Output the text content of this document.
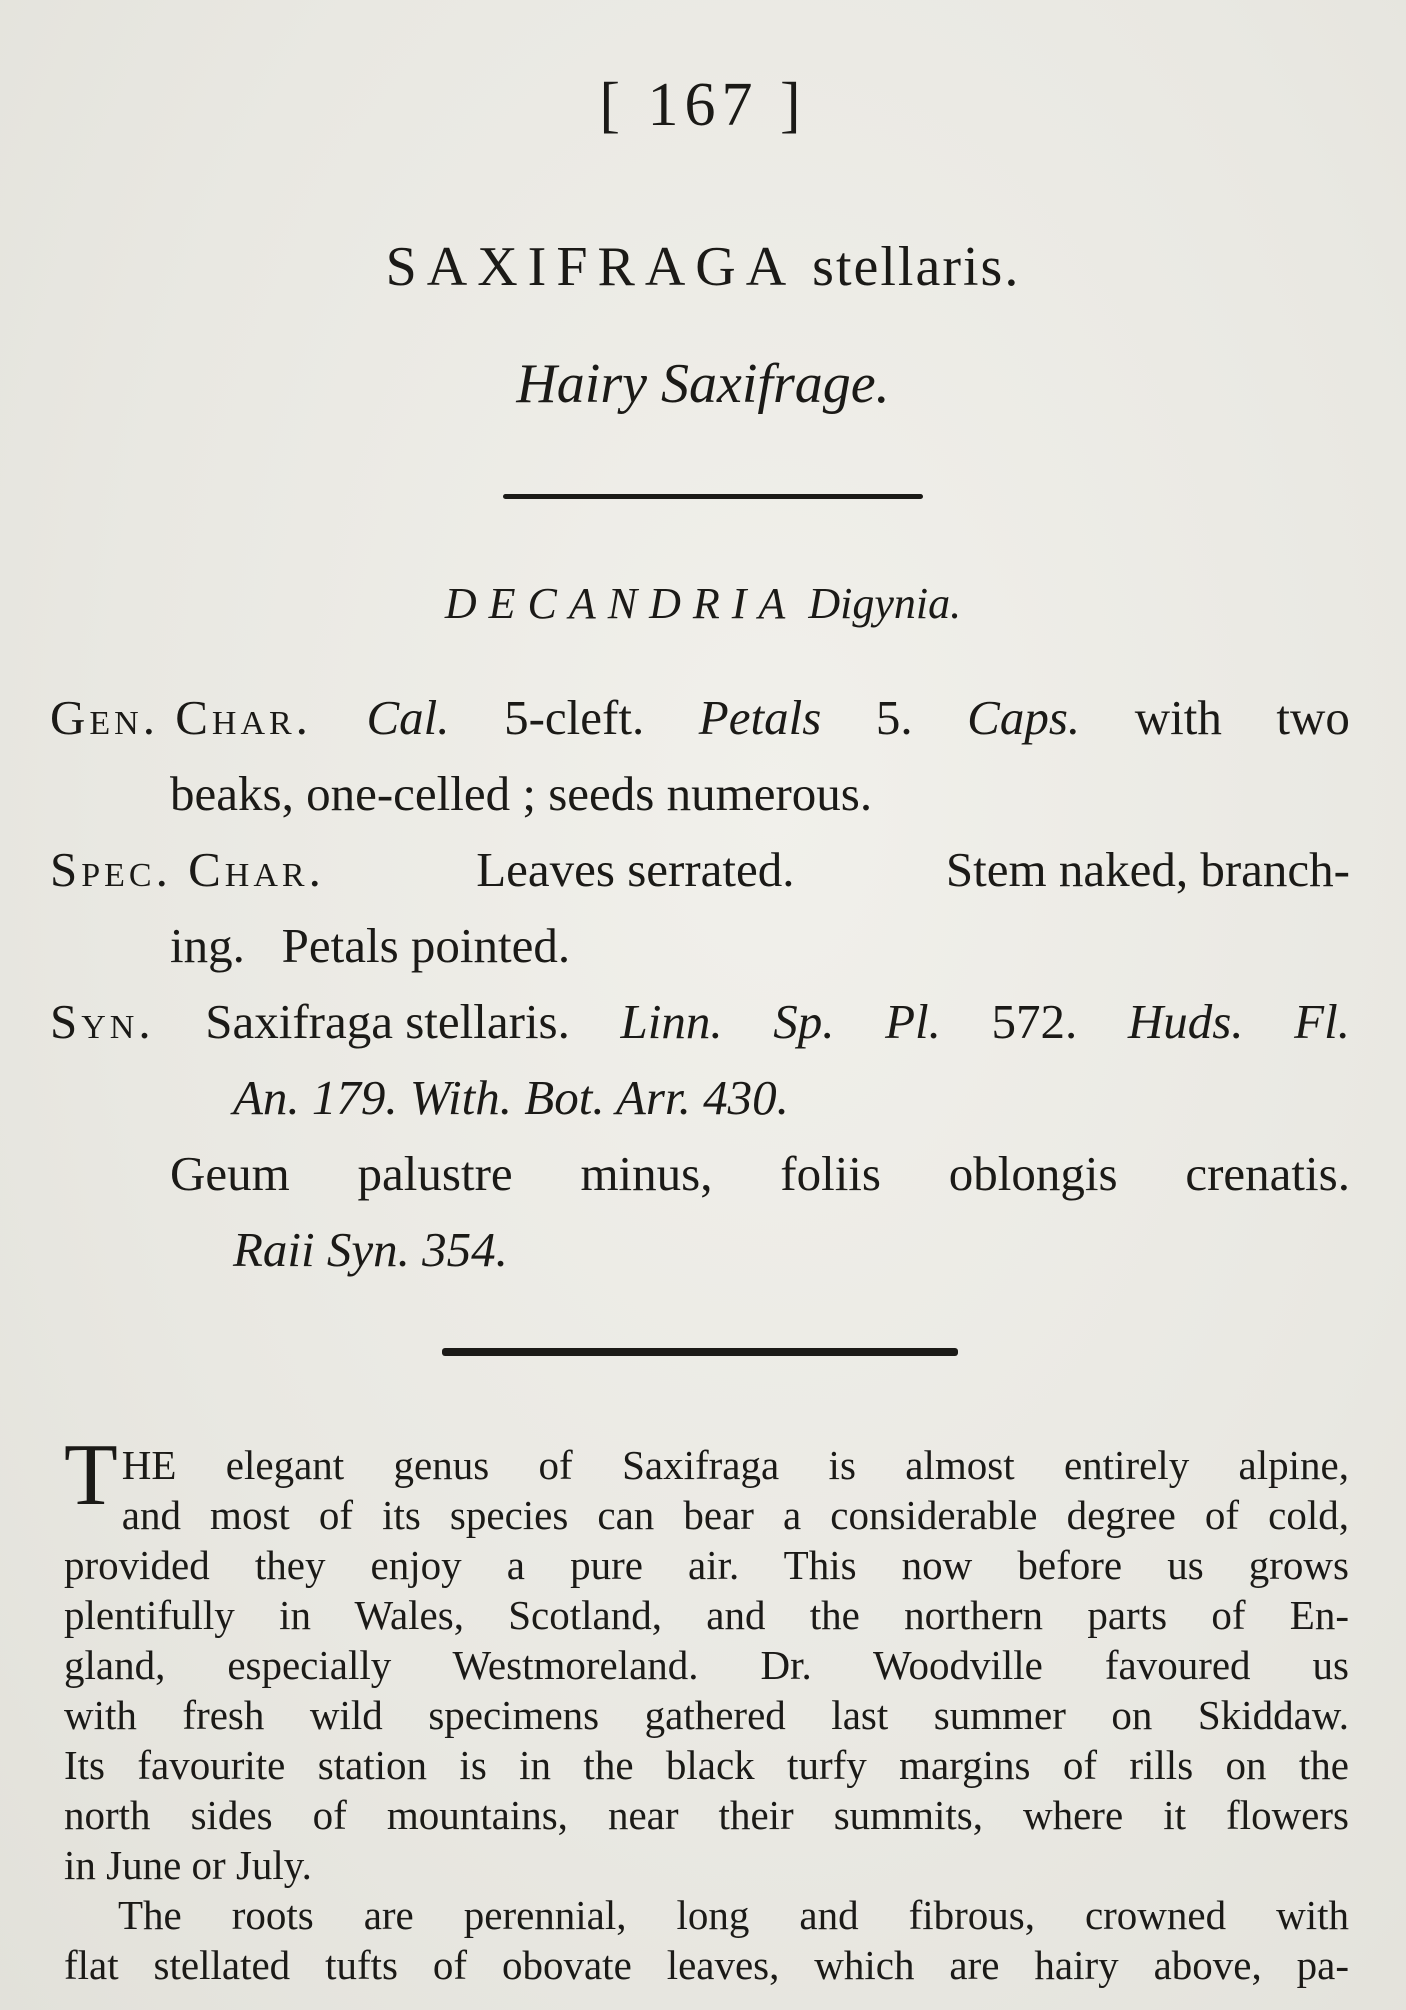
[ 167 ]
SAXIFRAGA stellaris.
Hairy Saxifrage.
DECANDRIA Digynia.
Gen. Char. Cal. 5-cleft. Petals 5. Caps. with two
beaks, one-celled ; seeds numerous.
Spec. Char.	Leaves serrated.	Stem naked, branch-
ing.   Petals pointed.
Syn. Saxifraga stellaris. Linn. Sp. Pl. 572. Huds. Fl.
An. 179. With. Bot. Arr. 430.
Geum palustre minus, foliis oblongis crenatis.
Raii Syn. 354.
T HE elegant genus of Saxifraga is almost entirely alpine,

and most of its species can bear a considerable degree of cold,

provided they enjoy a pure air. This now before us grows

plentifully in Wales, Scotland, and the northern parts of En-

gland, especially Westmoreland. Dr. Woodville favoured us

with fresh wild specimens gathered last summer on Skiddaw.

Its favourite station is in the black turfy margins of rills on the

north sides of mountains, near their summits, where it flowers

in June or July.

The roots are perennial, long and fibrous, crowned with

flat stellated tufts of obovate leaves, which are hairy above, pa-
